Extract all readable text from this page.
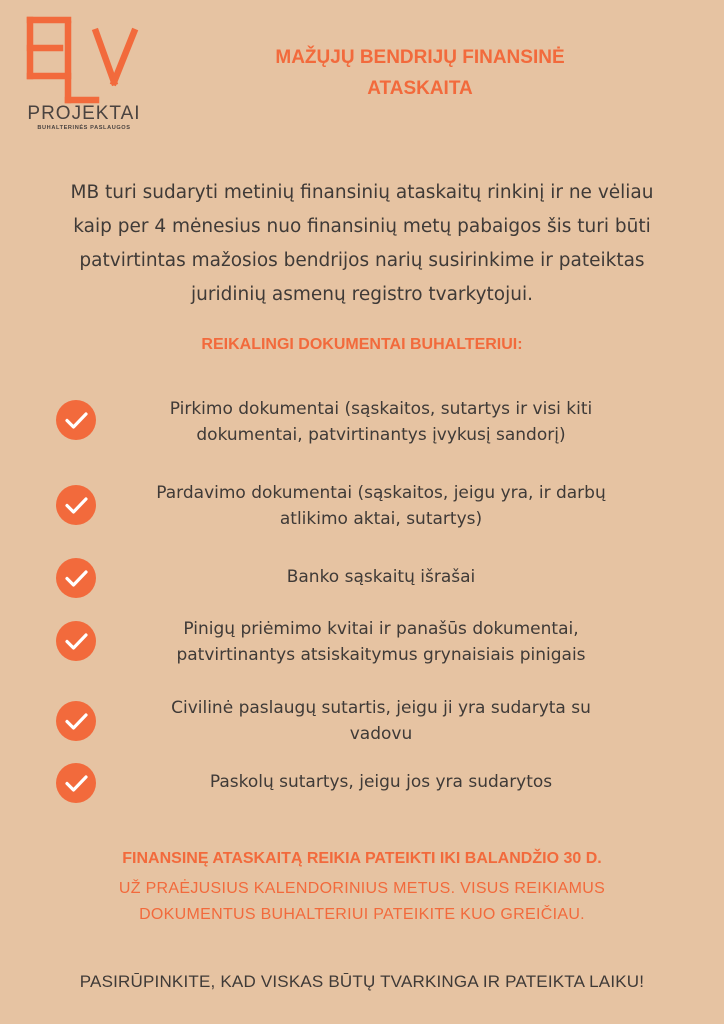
PROJEKTAI
BUHALTERINĖS PASLAUGOS
MAŽŲJŲ BENDRIJŲ FINANSINĖ
ATASKAITA
MB turi sudaryti metinių finansinių ataskaitų rinkinį ir ne vėliau
kaip per 4 mėnesius nuo finansinių metų pabaigos šis turi būti
patvirtintas mažosios bendrijos narių susirinkime ir pateiktas
juridinių asmenų registro tvarkytojui.
REIKALINGI DOKUMENTAI BUHALTERIUI:
Pirkimo dokumentai (sąskaitos, sutartys ir visi kiti
dokumentai, patvirtinantys įvykusį sandorį)
Pardavimo dokumentai (sąskaitos, jeigu yra, ir darbų
atlikimo aktai, sutartys)
Banko sąskaitų išrašai
Pinigų priėmimo kvitai ir panašūs dokumentai,
patvirtinantys atsiskaitymus grynaisiais pinigais
Civilinė paslaugų sutartis, jeigu ji yra sudaryta su
vadovu
Paskolų sutartys, jeigu jos yra sudarytos
FINANSINĘ ATASKAITĄ REIKIA PATEIKTI IKI BALANDŽIO 30 D.
UŽ PRAĖJUSIUS KALENDORINIUS METUS. VISUS REIKIAMUS
DOKUMENTUS BUHALTERIUI PATEIKITE KUO GREIČIAU.
PASIRŪPINKITE, KAD VISKAS BŪTŲ TVARKINGA IR PATEIKTA LAIKU!
